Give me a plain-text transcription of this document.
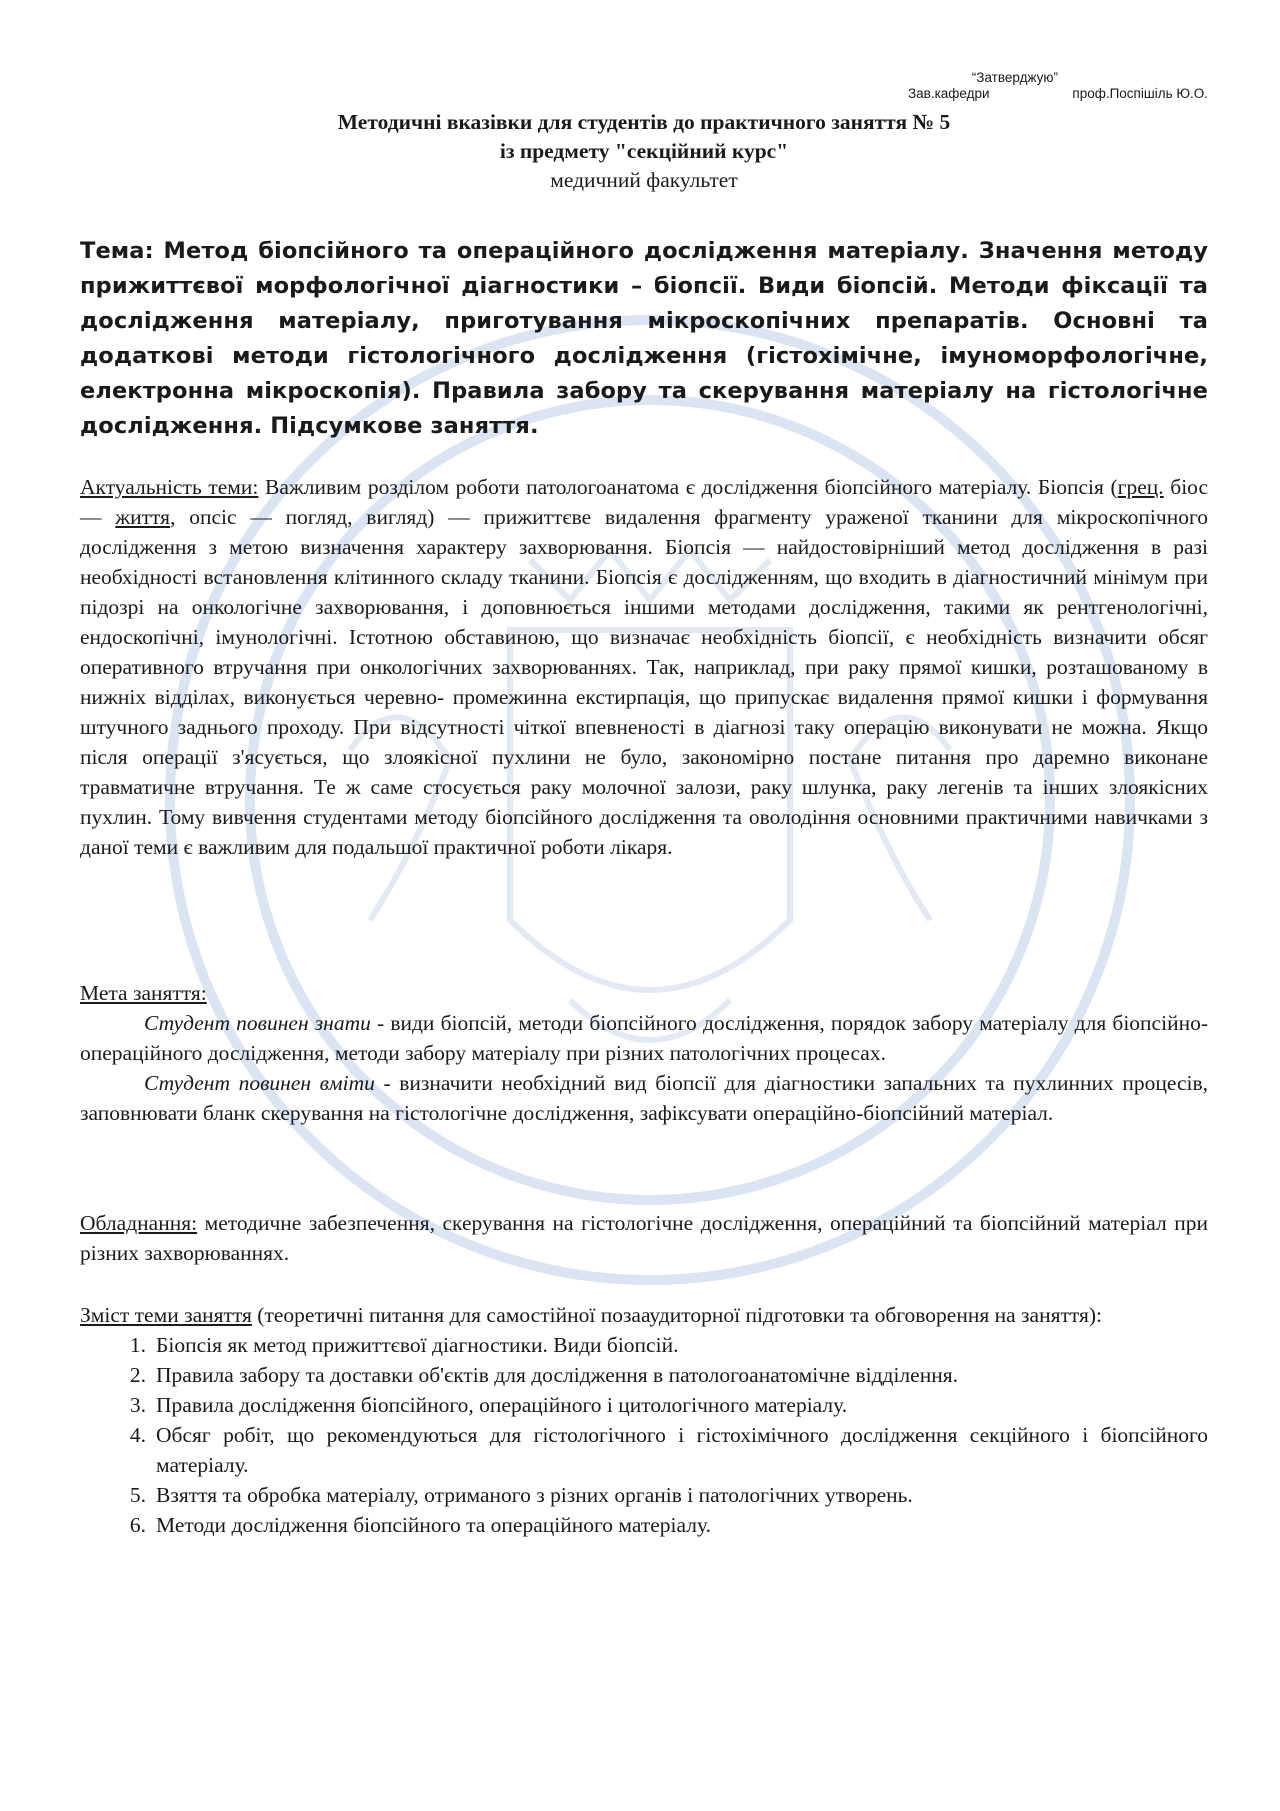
“Затверджую”
Зав.кафедри	проф.Поспішіль Ю.О.
Методичні вказівки для студентів до практичного заняття № 5
із предмету "секційний курс"
медичний факультет
Тема: Метод біопсійного та операційного дослідження матеріалу. Значення методу прижиттєвої морфологічної діагностики – біопсії. Види біопсій. Методи фіксації та дослідження матеріалу, приготування мікроскопічних препаратів. Основні та додаткові методи гістологічного дослідження (гістохімічне, імуноморфологічне, електронна мікроскопія). Правила забору та скерування матеріалу на гістологічне дослідження. Підсумкове заняття.
Актуальність теми: Важливим розділом роботи патологоанатома є дослідження біопсійного матеріалу. Біопсія (грец. біос — життя, опсіс — погляд, вигляд) — прижиттєве видалення фрагменту ураженої тканини для мікроскопічного дослідження з метою визначення характеру захворювання. Біопсія — найдостовірніший метод дослідження в разі необхідності встановлення клітинного складу тканини. Біопсія є дослідженням, що входить в діагностичний мінімум при підозрі на онкологічне захворювання, і доповнюється іншими методами дослідження, такими як рентгенологічні, ендоскопічні, імунологічні. Істотною обставиною, що визначає необхідність біопсії, є необхідність визначити обсяг оперативного втручання при онкологічних захворюваннях. Так, наприклад, при раку прямої кишки, розташованому в нижніх відділах, виконується черевно- промежинна екстирпація, що припускає видалення прямої кишки і формування штучного заднього проходу. При відсутності чіткої впевненості в діагнозі таку операцію виконувати не можна. Якщо після операції з'ясується, що злоякісної пухлини не було, закономірно постане питання про даремно виконане травматичне втручання. Те ж саме стосується раку молочної залози, раку шлунка, раку легенів та інших злоякісних пухлин. Тому вивчення студентами методу біопсійного дослідження та оволодіння основними практичними навичками з даної теми є важливим для подальшої практичної роботи лікаря.
Мета заняття:
Студент повинен знати - види біопсій, методи біопсійного дослідження, порядок забору матеріалу для біопсійно-операційного дослідження, методи забору матеріалу при різних патологічних процесах.
Студент повинен вміти - визначити необхідний вид біопсії для діагностики запальних та пухлинних процесів, заповнювати бланк скерування на гістологічне дослідження, зафіксувати операційно-біопсійний матеріал.
Обладнання: методичне забезпечення, скерування на гістологічне дослідження, операційний та біопсійний матеріал при різних захворюваннях.
Зміст теми заняття (теоретичні питання для самостійної позааудиторної підготовки та обговорення на заняття):
1. Біопсія як метод прижиттєвої діагностики. Види біопсій.
2. Правила забору та доставки об'єктів для дослідження в патологоанатомічне відділення.
3. Правила дослідження біопсійного, операційного і цитологічного матеріалу.
4. Обсяг робіт, що рекомендуються для гістологічного і гістохімічного дослідження секційного і біопсійного матеріалу.
5. Взяття та обробка матеріалу, отриманого з різних органів і патологічних утворень.
6. Методи дослідження біопсійного та операційного матеріалу.
